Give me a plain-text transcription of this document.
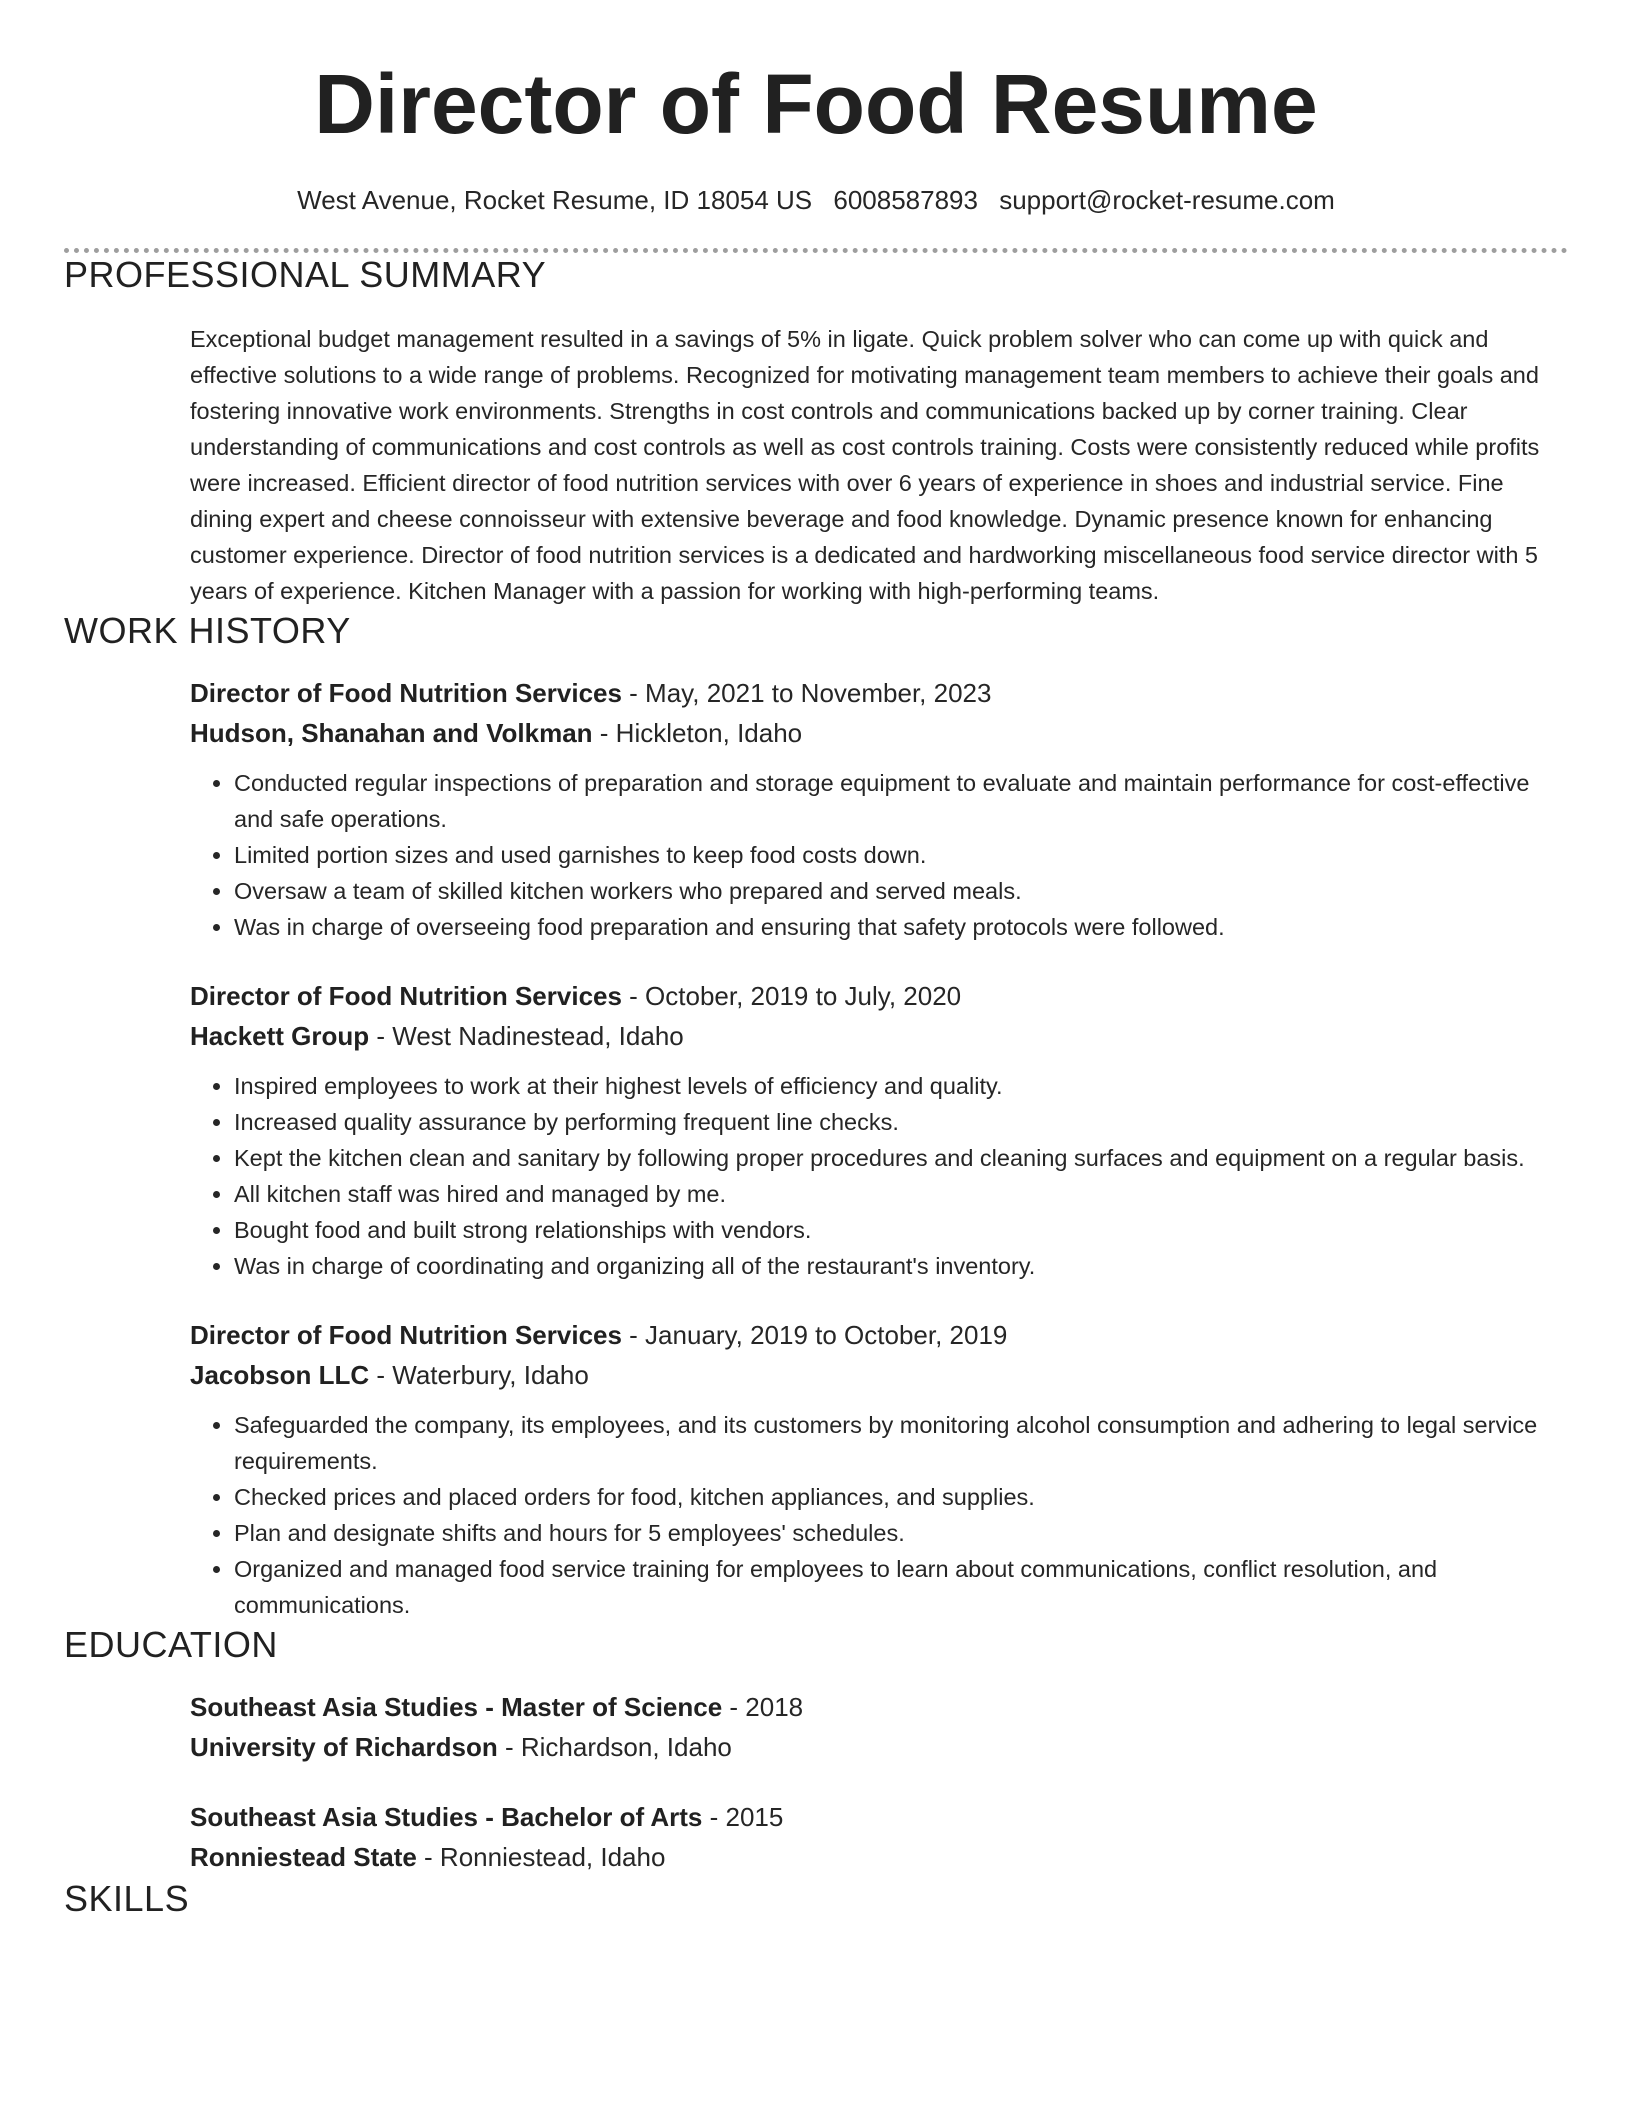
Director of Food Resume
West Avenue, Rocket Resume, ID 18054 US 6008587893 support@rocket-resume.com
PROFESSIONAL SUMMARY
Exceptional budget management resulted in a savings of 5% in ligate. Quick problem solver who can come up with quick and effective solutions to a wide range of problems. Recognized for motivating management team members to achieve their goals and fostering innovative work environments. Strengths in cost controls and communications backed up by corner training. Clear understanding of communications and cost controls as well as cost controls training. Costs were consistently reduced while profits were increased. Efficient director of food nutrition services with over 6 years of experience in shoes and industrial service. Fine dining expert and cheese connoisseur with extensive beverage and food knowledge. Dynamic presence known for enhancing customer experience. Director of food nutrition services is a dedicated and hardworking miscellaneous food service director with 5 years of experience. Kitchen Manager with a passion for working with high-performing teams.
WORK HISTORY
Director of Food Nutrition Services - May, 2021 to November, 2023
Hudson, Shanahan and Volkman - Hickleton, Idaho
• Conducted regular inspections of preparation and storage equipment to evaluate and maintain performance for cost-effective and safe operations.
• Limited portion sizes and used garnishes to keep food costs down.
• Oversaw a team of skilled kitchen workers who prepared and served meals.
• Was in charge of overseeing food preparation and ensuring that safety protocols were followed.
Director of Food Nutrition Services - October, 2019 to July, 2020
Hackett Group - West Nadinestead, Idaho
• Inspired employees to work at their highest levels of efficiency and quality.
• Increased quality assurance by performing frequent line checks.
• Kept the kitchen clean and sanitary by following proper procedures and cleaning surfaces and equipment on a regular basis.
• All kitchen staff was hired and managed by me.
• Bought food and built strong relationships with vendors.
• Was in charge of coordinating and organizing all of the restaurant's inventory.
Director of Food Nutrition Services - January, 2019 to October, 2019
Jacobson LLC - Waterbury, Idaho
• Safeguarded the company, its employees, and its customers by monitoring alcohol consumption and adhering to legal service requirements.
• Checked prices and placed orders for food, kitchen appliances, and supplies.
• Plan and designate shifts and hours for 5 employees' schedules.
• Organized and managed food service training for employees to learn about communications, conflict resolution, and communications.
EDUCATION
Southeast Asia Studies - Master of Science - 2018
University of Richardson - Richardson, Idaho
Southeast Asia Studies - Bachelor of Arts - 2015
Ronniestead State - Ronniestead, Idaho
SKILLS
